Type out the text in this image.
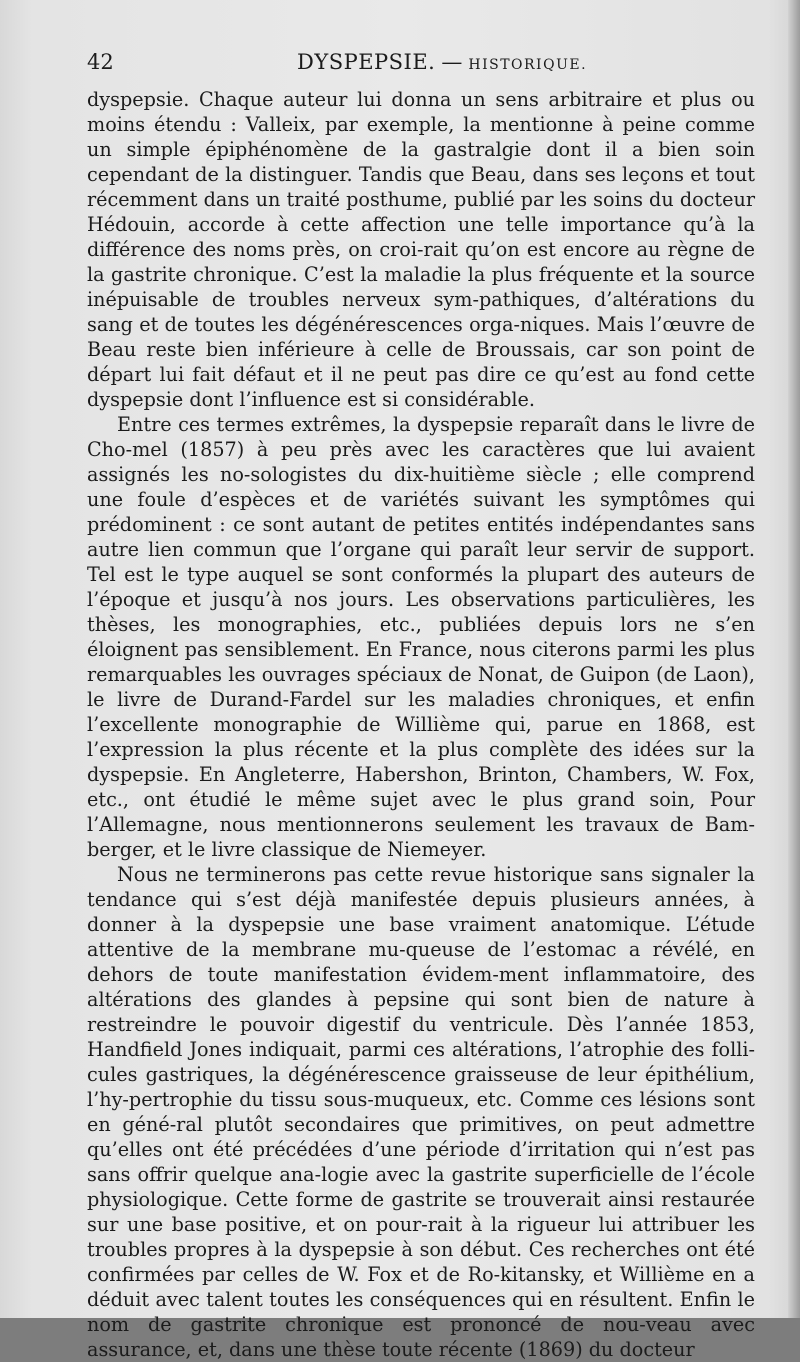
42	DYSPEPSIE. — HISTORIQUE.

dyspepsie. Chaque auteur lui donna un sens arbitraire et plus ou moins étendu : Valleix, par exemple, la mentionne à peine comme un simple épiphénomène de la gastralgie dont il a bien soin cependant de la distinguer. Tandis que Beau, dans ses leçons et tout récemment dans un traité posthume, publié par les soins du docteur Hédouin, accorde à cette affection une telle importance qu’à la différence des noms près, on croi-rait qu’on est encore au règne de la gastrite chronique. C’est la maladie la plus fréquente et la source inépuisable de troubles nerveux sym-pathiques, d’altérations du sang et de toutes les dégénérescences orga-niques. Mais l’œuvre de Beau reste bien inférieure à celle de Broussais, car son point de départ lui fait défaut et il ne peut pas dire ce qu’est au fond cette dyspepsie dont l’influence est si considérable.

Entre ces termes extrêmes, la dyspepsie reparaît dans le livre de Cho-mel (1857) à peu près avec les caractères que lui avaient assignés les no-sologistes du dix-huitième siècle ; elle comprend une foule d’espèces et de variétés suivant les symptômes qui prédominent : ce sont autant de petites entités indépendantes sans autre lien commun que l’organe qui paraît leur servir de support. Tel est le type auquel se sont conformés la plupart des auteurs de l’époque et jusqu’à nos jours. Les observations particulières, les thèses, les monographies, etc., publiées depuis lors ne s’en éloignent pas sensiblement. En France, nous citerons parmi les plus remarquables les ouvrages spéciaux de Nonat, de Guipon (de Laon), le livre de Durand-Fardel sur les maladies chroniques, et enfin l’excellente monographie de Willième qui, parue en 1868, est l’expression la plus récente et la plus complète des idées sur la dyspepsie. En Angleterre, Habershon, Brinton, Chambers, W. Fox, etc., ont étudié le même sujet avec le plus grand soin, Pour l’Allemagne, nous mentionnerons seulement les travaux de Bam-berger, et le livre classique de Niemeyer.

Nous ne terminerons pas cette revue historique sans signaler la tendance qui s’est déjà manifestée depuis plusieurs années, à donner à la dyspepsie une base vraiment anatomique. L’étude attentive de la membrane mu-queuse de l’estomac a révélé, en dehors de toute manifestation évidem-ment inflammatoire, des altérations des glandes à pepsine qui sont bien de nature à restreindre le pouvoir digestif du ventricule. Dès l’année 1853, Handfield Jones indiquait, parmi ces altérations, l’atrophie des folli-cules gastriques, la dégénérescence graisseuse de leur épithélium, l’hy-pertrophie du tissu sous-muqueux, etc. Comme ces lésions sont en géné-ral plutôt secondaires que primitives, on peut admettre qu’elles ont été précédées d’une période d’irritation qui n’est pas sans offrir quelque ana-logie avec la gastrite superficielle de l’école physiologique. Cette forme de gastrite se trouverait ainsi restaurée sur une base positive, et on pour-rait à la rigueur lui attribuer les troubles propres à la dyspepsie à son début. Ces recherches ont été confirmées par celles de W. Fox et de Ro-kitansky, et Willième en a déduit avec talent toutes les conséquences qui en résultent. Enfin le nom de gastrite chronique est prononcé de nou-veau avec assurance, et, dans une thèse toute récente (1869) du docteur
